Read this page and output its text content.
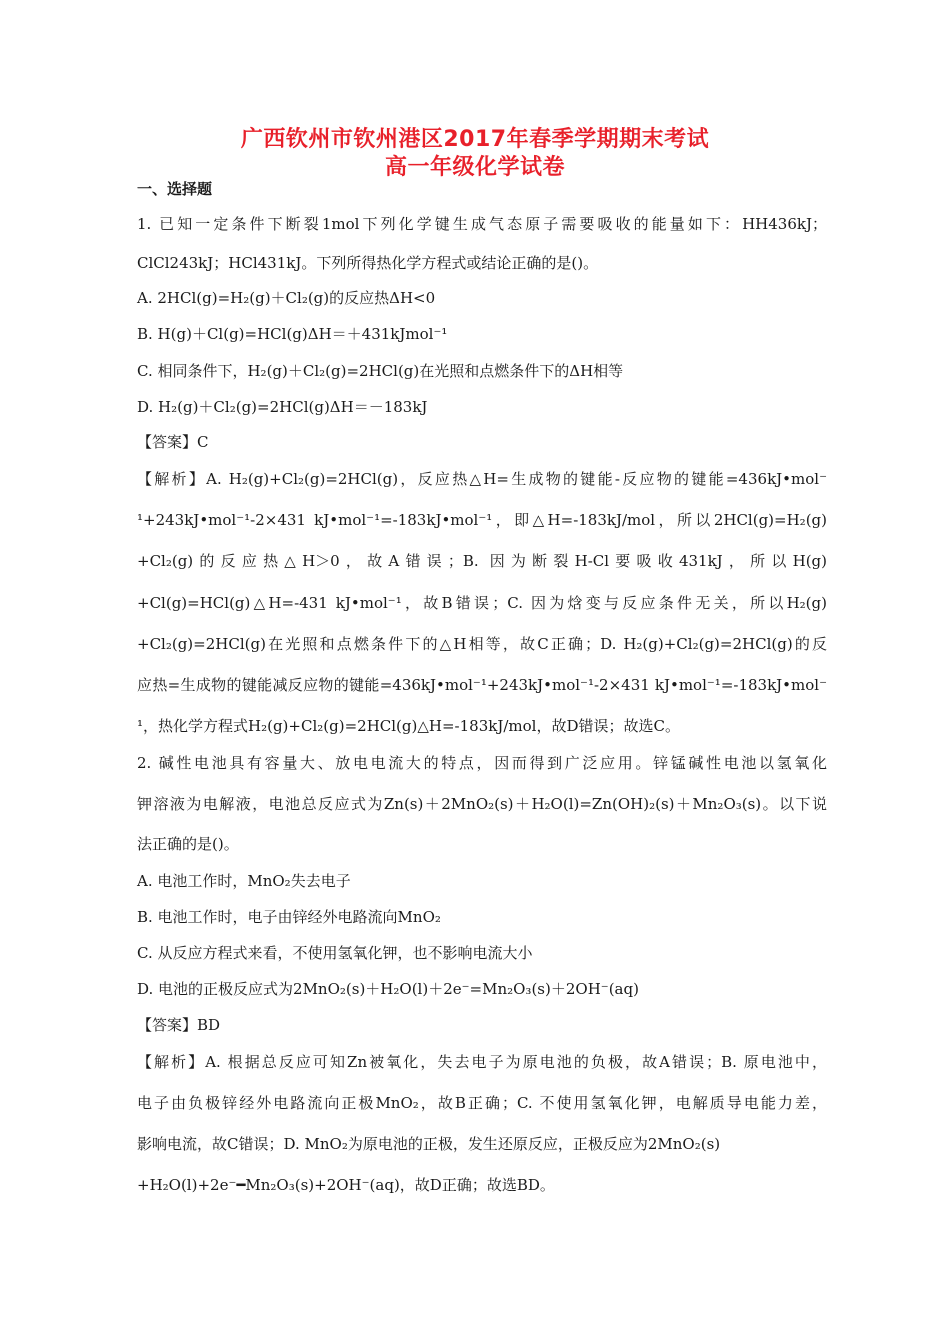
广西钦州市钦州港区2017年春季学期期末考试
高一年级化学试卷
一、选择题
1. 已知一定条件下断裂1mol下列化学键生成气态原子需要吸收的能量如下：HH436kJ；
ClCl243kJ；HCl431kJ。下列所得热化学方程式或结论正确的是()。
A. 2HCl(g)=H₂(g)＋Cl₂(g)的反应热ΔH<0
B. H(g)＋Cl(g)=HCl(g)ΔH＝＋431kJmol⁻¹
C. 相同条件下，H₂(g)＋Cl₂(g)=2HCl(g)在光照和点燃条件下的ΔH相等
D. H₂(g)＋Cl₂(g)=2HCl(g)ΔH＝－183kJ
【答案】C
【解析】A. H₂(g)+Cl₂(g)=2HCl(g)，反应热△H=生成物的键能-反应物的键能=436kJ•mol⁻
¹+243kJ•mol⁻¹-2×431 kJ•mol⁻¹=-183kJ•mol⁻¹，即△H=-183kJ/mol，所以2HCl(g)=H₂(g)
+Cl₂(g)的反应热△H＞0，故A错误；B. 因为断裂H-Cl要吸收431kJ，所以H(g)
+Cl(g)=HCl(g)△H=-431 kJ•mol⁻¹，故B错误；C. 因为焓变与反应条件无关，所以H₂(g)
+Cl₂(g)=2HCl(g)在光照和点燃条件下的△H相等，故C正确；D. H₂(g)+Cl₂(g)=2HCl(g)的反
应热=生成物的键能减反应物的键能=436kJ•mol⁻¹+243kJ•mol⁻¹-2×431 kJ•mol⁻¹=-183kJ•mol⁻
¹，热化学方程式H₂(g)+Cl₂(g)=2HCl(g)△H=-183kJ/mol，故D错误；故选C。
2. 碱性电池具有容量大、放电电流大的特点，因而得到广泛应用。锌锰碱性电池以氢氧化
钾溶液为电解液，电池总反应式为Zn(s)＋2MnO₂(s)＋H₂O(l)=Zn(OH)₂(s)＋Mn₂O₃(s)。以下说
法正确的是()。
A. 电池工作时，MnO₂失去电子
B. 电池工作时，电子由锌经外电路流向MnO₂
C. 从反应方程式来看，不使用氢氧化钾，也不影响电流大小
D. 电池的正极反应式为2MnO₂(s)＋H₂O(l)＋2e⁻=Mn₂O₃(s)＋2OH⁻(aq)
【答案】BD
【解析】A. 根据总反应可知Zn被氧化，失去电子为原电池的负极，故A错误；B. 原电池中，
电子由负极锌经外电路流向正极MnO₂，故B正确；C. 不使用氢氧化钾，电解质导电能力差，
影响电流，故C错误；D. MnO₂为原电池的正极，发生还原反应，正极反应为2MnO₂(s)
+H₂O(l)+2e⁻━Mn₂O₃(s)+2OH⁻(aq)，故D正确；故选BD。
